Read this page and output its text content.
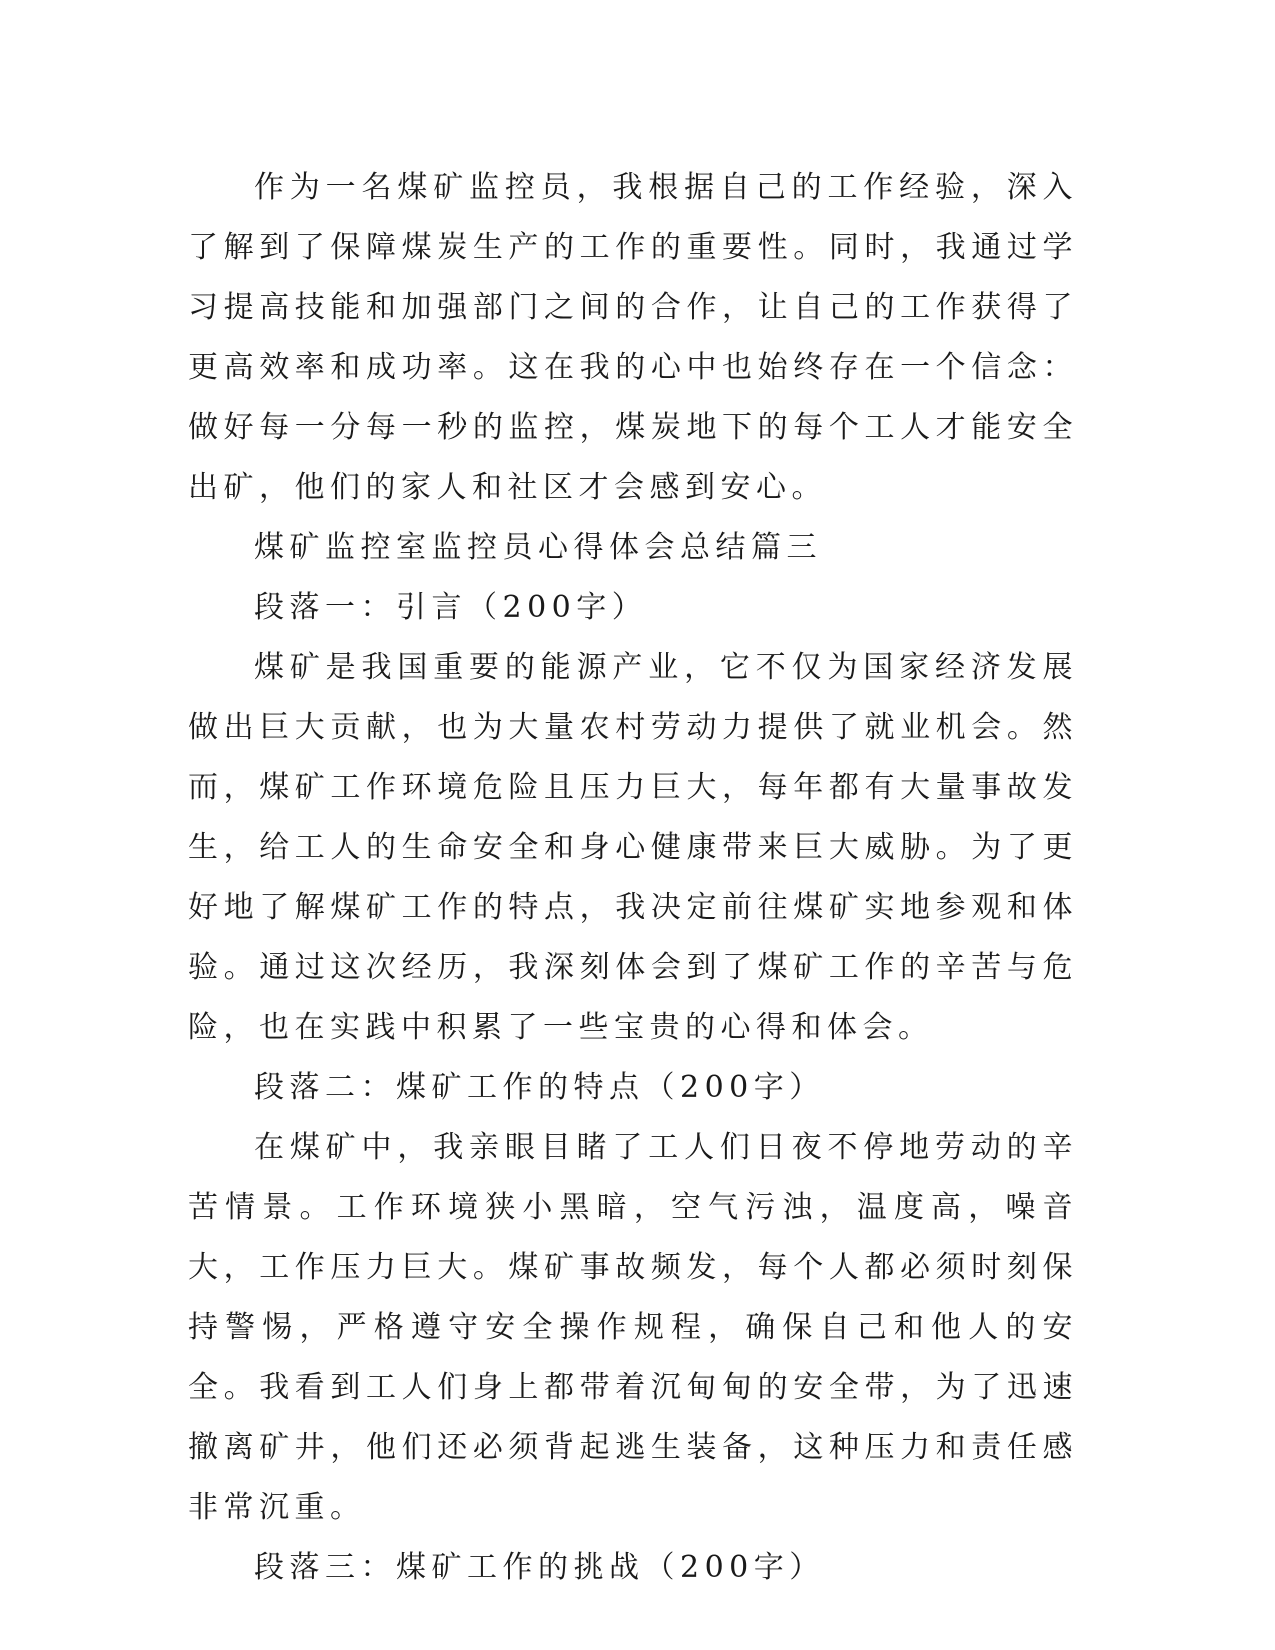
作为一名煤矿监控员，我根据自己的工作经验，深入了解到了保障煤炭生产的工作的重要性。同时，我通过学习提高技能和加强部门之间的合作，让自己的工作获得了更高效率和成功率。这在我的心中也始终存在一个信念：做好每一分每一秒的监控，煤炭地下的每个工人才能安全出矿，他们的家人和社区才会感到安心。

煤矿监控室监控员心得体会总结篇三

段落一：引言（200字）

煤矿是我国重要的能源产业，它不仅为国家经济发展做出巨大贡献，也为大量农村劳动力提供了就业机会。然而，煤矿工作环境危险且压力巨大，每年都有大量事故发生，给工人的生命安全和身心健康带来巨大威胁。为了更好地了解煤矿工作的特点，我决定前往煤矿实地参观和体验。通过这次经历，我深刻体会到了煤矿工作的辛苦与危险，也在实践中积累了一些宝贵的心得和体会。

段落二：煤矿工作的特点（200字）

在煤矿中，我亲眼目睹了工人们日夜不停地劳动的辛苦情景。工作环境狭小黑暗，空气污浊，温度高，噪音大，工作压力巨大。煤矿事故频发，每个人都必须时刻保持警惕，严格遵守安全操作规程，确保自己和他人的安全。我看到工人们身上都带着沉甸甸的安全带，为了迅速撤离矿井，他们还必须背起逃生装备，这种压力和责任感非常沉重。

段落三：煤矿工作的挑战（200字）
